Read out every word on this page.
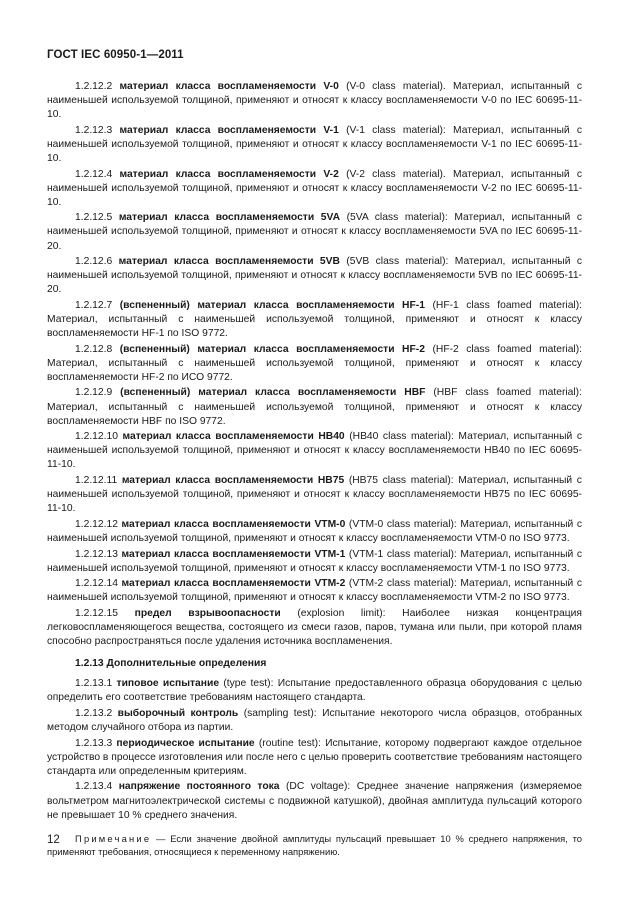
ГОСТ IEC 60950-1—2011

1.2.12.2 материал класса воспламеняемости V-0 (V-0 class material). Материал, испытанный с наименьшей используемой толщиной, применяют и относят к классу воспламеняемости V-0 по IEC 60695-11-10.

1.2.12.3 материал класса воспламеняемости V-1 (V-1 class material): Материал, испытанный с наименьшей используемой толщиной, применяют и относят к классу воспламеняемости V-1 по IEC 60695-11-10.

1.2.12.4 материал класса воспламеняемости V-2 (V-2 class material). Материал, испытанный с наименьшей используемой толщиной, применяют и относят к классу воспламеняемости V-2 по IEC 60695-11-10.

1.2.12.5 материал класса воспламеняемости 5VA (5VA class material): Материал, испытанный с наименьшей используемой толщиной, применяют и относят к классу воспламеняемости 5VA по IEC 60695-11-20.

1.2.12.6 материал класса воспламеняемости 5VB (5VB class material): Материал, испытанный с наименьшей используемой толщиной, применяют и относят к классу воспламеняемости 5VB по IEC 60695-11-20.

1.2.12.7 (вспененный) материал класса воспламеняемости HF-1 (HF-1 class foamed material): Материал, испытанный с наименьшей используемой толщиной, применяют и относят к классу воспламеняемости HF-1 по ISO 9772.

1.2.12.8 (вспененный) материал класса воспламеняемости HF-2 (HF-2 class foamed material): Материал, испытанный с наименьшей используемой толщиной, применяют и относят к классу воспламеняемости HF-2 по ИСО 9772.

1.2.12.9 (вспененный) материал класса воспламеняемости HBF (HBF class foamed material): Материал, испытанный с наименьшей используемой толщиной, применяют и относят к классу воспламеняемости HBF по ISO 9772.

1.2.12.10 материал класса воспламеняемости HB40 (HB40 class material): Материал, испытанный с наименьшей используемой толщиной, применяют и относят к классу воспламеняемости HB40 по IEC 60695-11-10.

1.2.12.11 материал класса воспламеняемости HB75 (HB75 class material): Материал, испытанный с наименьшей используемой толщиной, применяют и относят к классу воспламеняемости HB75 по IEC 60695-11-10.

1.2.12.12 материал класса воспламеняемости VTM-0 (VTM-0 class material): Материал, испытанный с наименьшей используемой толщиной, применяют и относят к классу воспламеняемости VTM-0 по ISO 9773.

1.2.12.13 материал класса воспламеняемости VTM-1 (VTM-1 class material): Материал, испытанный с наименьшей используемой толщиной, применяют и относят к классу воспламеняемости VTM-1 по ISO 9773.

1.2.12.14 материал класса воспламеняемости VTM-2 (VTM-2 class material): Материал, испытанный с наименьшей используемой толщиной, применяют и относят к классу воспламеняемости VTM-2 по ISO 9773.

1.2.12.15 предел взрывоопасности (explosion limit): Наиболее низкая концентрация легковоспламеняющегося вещества, состоящего из смеси газов, паров, тумана или пыли, при которой пламя способно распространяться после удаления источника воспламенения.

1.2.13 Дополнительные определения

1.2.13.1 типовое испытание (type test): Испытание предоставленного образца оборудования с целью определить его соответствие требованиям настоящего стандарта.

1.2.13.2 выборочный контроль (sampling test): Испытание некоторого числа образцов, отобранных методом случайного отбора из партии.

1.2.13.3 периодическое испытание (routine test): Испытание, которому подвергают каждое отдельное устройство в процессе изготовления или после него с целью проверить соответствие требованиям настоящего стандарта или определенным критериям.

1.2.13.4 напряжение постоянного тока (DC voltage): Среднее значение напряжения (измеряемое вольтметром магнитоэлектрической системы с подвижной катушкой), двойная амплитуда пульсаций которого не превышает 10 % среднего значения.

Примечание — Если значение двойной амплитуды пульсаций превышает 10 % среднего напряжения, то применяют требования, относящиеся к переменному напряжению.
12
